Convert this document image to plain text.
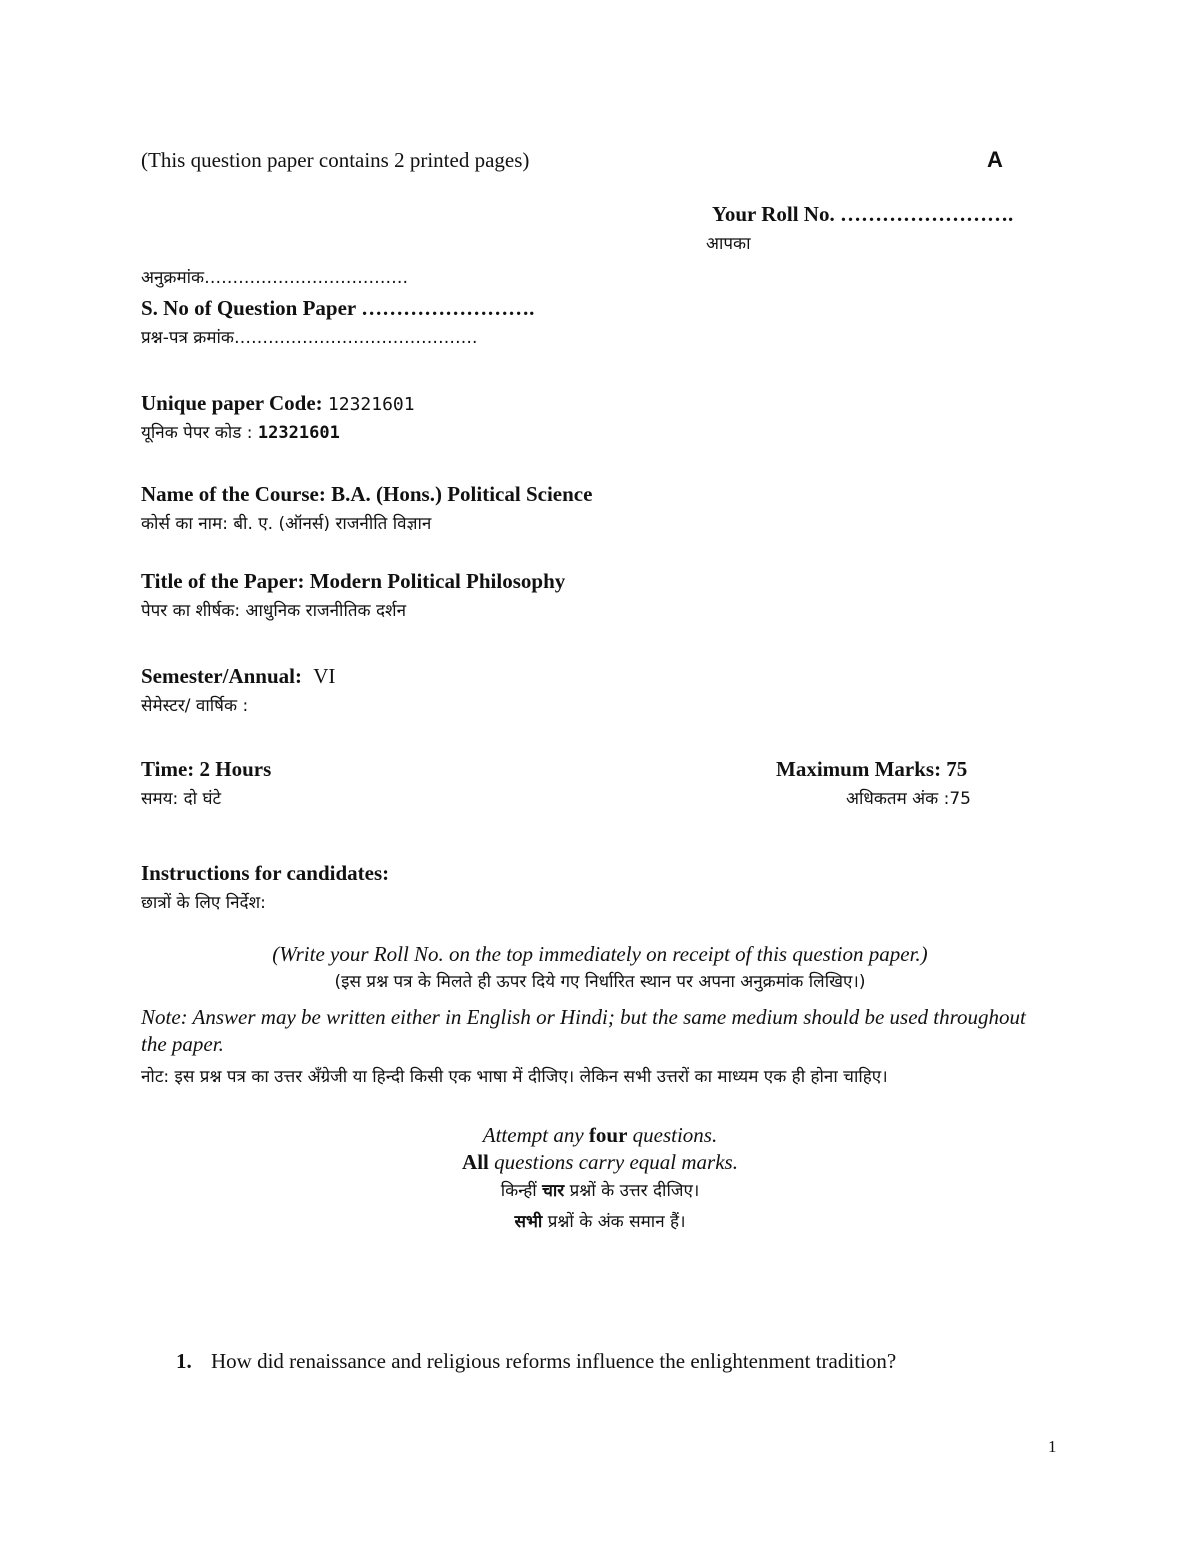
(This question paper contains 2 printed pages)	A
Your Roll No. …………………….
आपका
अनुक्रमांक………………………………
S. No of Question Paper …………………….
प्रश्न-पत्र क्रमांक…………………………………….
Unique paper Code: 12321601
यूनिक पेपर कोड : 12321601
Name of the Course: B.A. (Hons.) Political Science
कोर्स का नाम: बी. ए. (ऑनर्स) राजनीति विज्ञान
Title of the Paper: Modern Political Philosophy
पेपर का शीर्षक: आधुनिक राजनीतिक दर्शन
Semester/Annual: VI
सेमेस्टर/ वार्षिक :
Time: 2 Hours	Maximum Marks: 75
समय: दो घंटे	अधिकतम अंक :75
Instructions for candidates:
छात्रों के लिए निर्देश:
(Write your Roll No. on the top immediately on receipt of this question paper.)
(इस प्रश्न पत्र के मिलते ही ऊपर दिये गए निर्धारित स्थान पर अपना अनुक्रमांक लिखिए।)
Note: Answer may be written either in English or Hindi; but the same medium should be used throughout the paper.
नोट: इस प्रश्न पत्र का उत्तर अँग्रेजी या हिन्दी किसी एक भाषा में दीजिए। लेकिन सभी उत्तरों का माध्यम एक ही होना चाहिए।
Attempt any four questions.
All questions carry equal marks.
किन्हीं चार प्रश्नों के उत्तर दीजिए।
सभी प्रश्नों के अंक समान हैं।
1. How did renaissance and religious reforms influence the enlightenment tradition?
1
